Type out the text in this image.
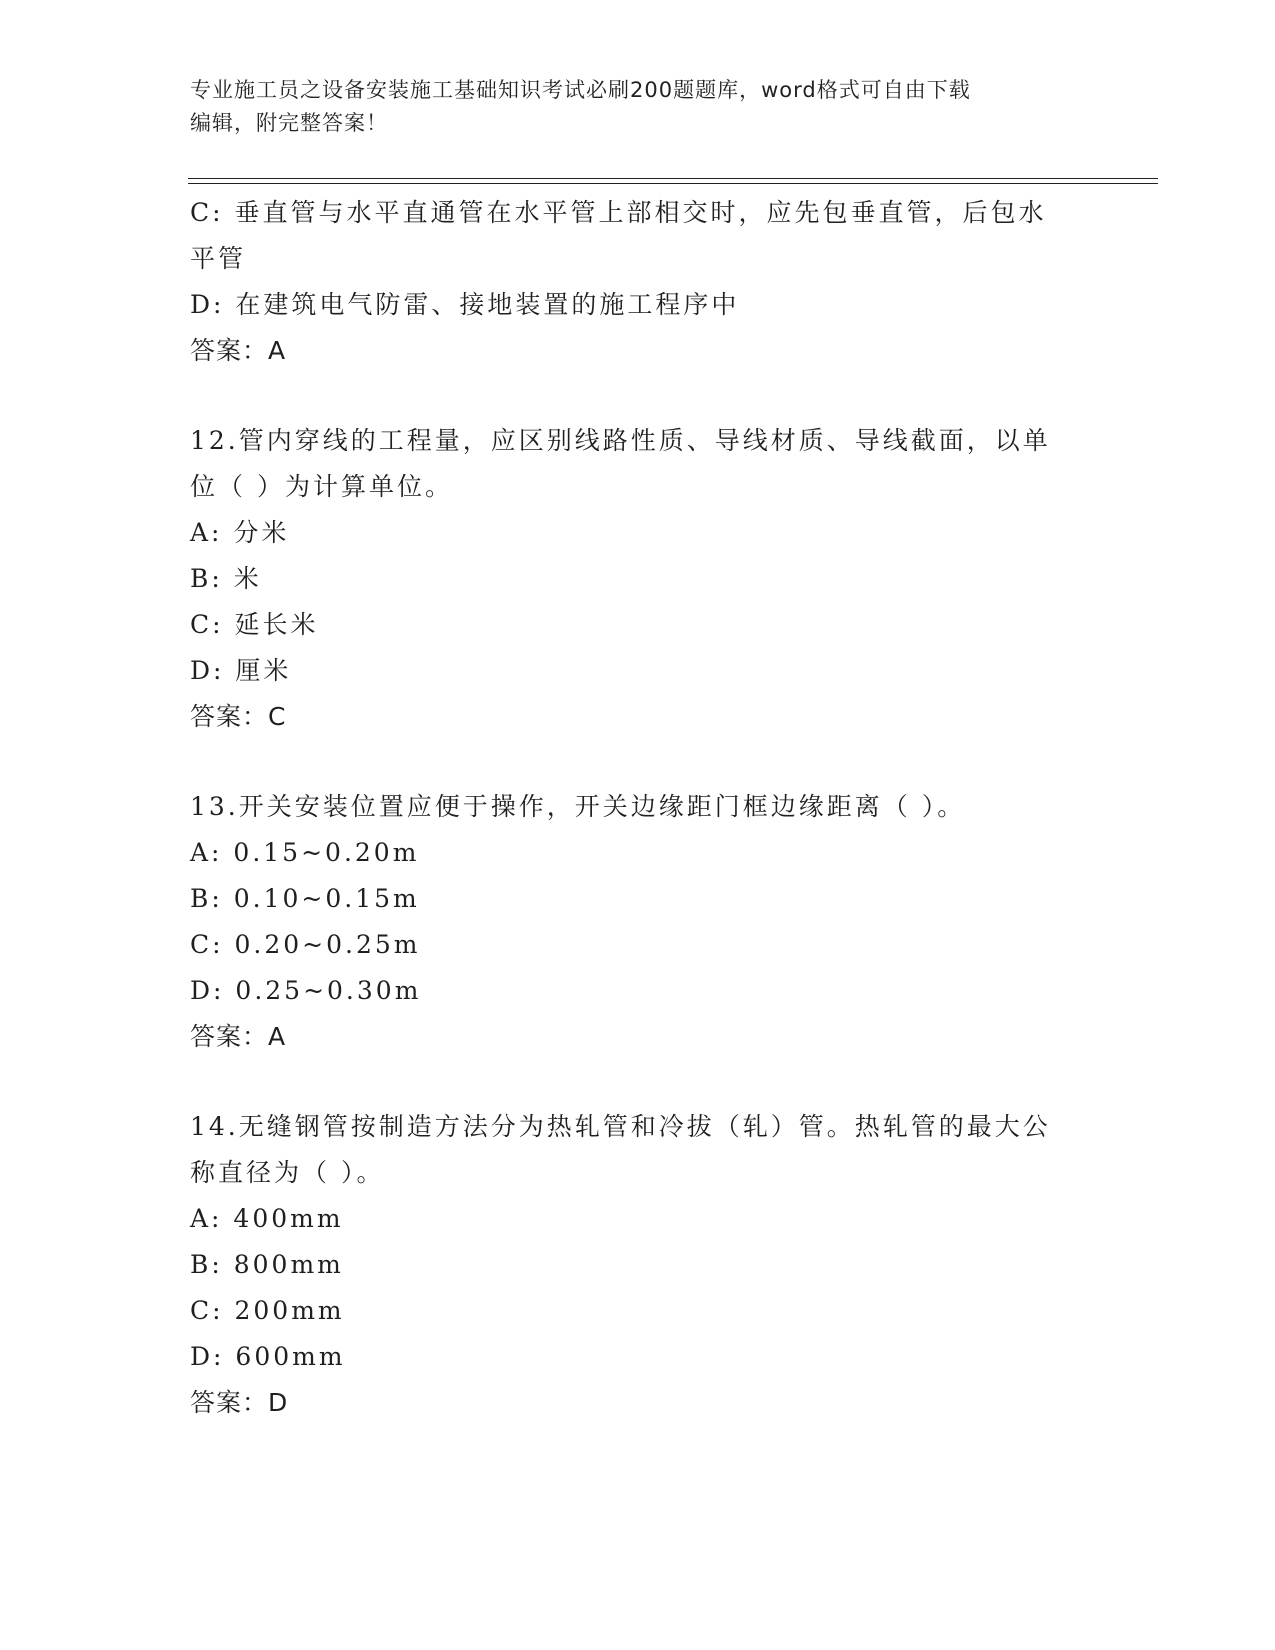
专业施工员之设备安装施工基础知识考试必刷200题题库，word格式可自由下载
编辑，附完整答案！
C: 垂直管与水平直通管在水平管上部相交时，应先包垂直管，后包水
平管
D: 在建筑电气防雷、接地装置的施工程序中
答案：A
12.管内穿线的工程量，应区别线路性质、导线材质、导线截面，以单
位（ ）为计算单位。
A: 分米
B: 米
C: 延长米
D: 厘米
答案：C
13.开关安装位置应便于操作，开关边缘距门框边缘距离（ ）。
A: 0.15~0.20m
B: 0.10~0.15m
C: 0.20~0.25m
D: 0.25~0.30m
答案：A
14.无缝钢管按制造方法分为热轧管和冷拔（轧）管。热轧管的最大公
称直径为（ ）。
A: 400mm
B: 800mm
C: 200mm
D: 600mm
答案：D
